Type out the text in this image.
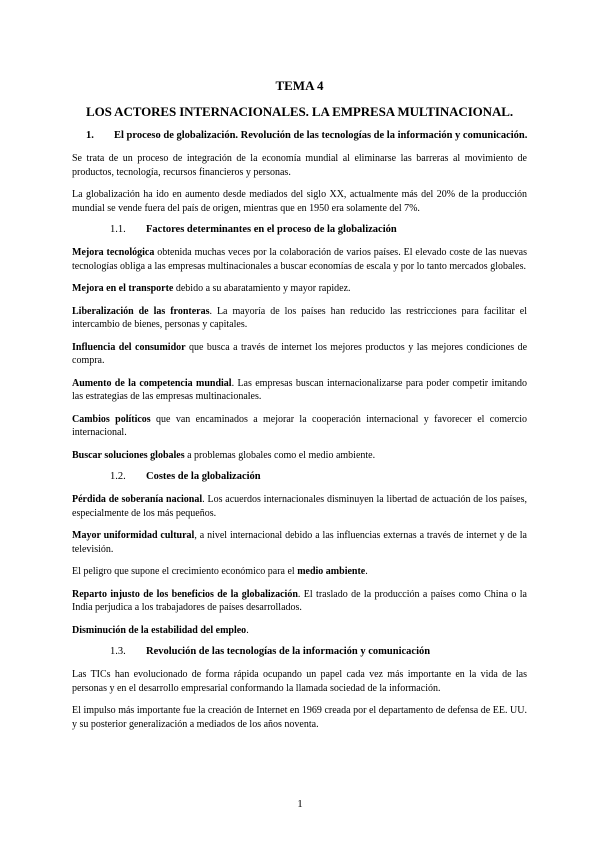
TEMA 4
LOS ACTORES INTERNACIONALES. LA EMPRESA MULTINACIONAL.
1.	El proceso de globalización. Revolución de las tecnologías de la información y comunicación.

Se trata de un proceso de integración de la economía mundial al eliminarse las barreras al movimiento de productos, tecnología, recursos financieros y personas.

La globalización ha ido en aumento desde mediados del siglo XX, actualmente más del 20% de la producción mundial se vende fuera del país de origen, mientras que en 1950 era solamente del 7%.

1.1.	Factores determinantes en el proceso de la globalización

Mejora tecnológica obtenida muchas veces por la colaboración de varios países. El elevado coste de las nuevas tecnologías obliga a las empresas multinacionales a buscar economías de escala y por lo tanto mercados globales.

Mejora en el transporte debido a su abaratamiento y mayor rapidez.

Liberalización de las fronteras. La mayoría de los países han reducido las restricciones para facilitar el intercambio de bienes, personas y capitales.

Influencia del consumidor que busca a través de internet los mejores productos y las mejores condiciones de compra.

Aumento de la competencia mundial. Las empresas buscan internacionalizarse para poder competir imitando las estrategias de las empresas multinacionales.

Cambios políticos que van encaminados a mejorar la cooperación internacional y favorecer el comercio internacional.

Buscar soluciones globales a problemas globales como el medio ambiente.

1.2.	Costes de la globalización

Pérdida de soberanía nacional. Los acuerdos internacionales disminuyen la libertad de actuación de los países, especialmente de los más pequeños.

Mayor uniformidad cultural, a nivel internacional debido a las influencias externas a través de internet y de la televisión.

El peligro que supone el crecimiento económico para el medio ambiente.

Reparto injusto de los beneficios de la globalización. El traslado de la producción a países como China o la India perjudica a los trabajadores de países desarrollados.

Disminución de la estabilidad del empleo.

1.3.	Revolución de las tecnologías de la información y comunicación

Las TICs han evolucionado de forma rápida ocupando un papel cada vez más importante en la vida de las personas y en el desarrollo empresarial conformando la llamada sociedad de la información.

El impulso más importante fue la creación de Internet en 1969 creada por el departamento de defensa de EE. UU. y su posterior generalización a mediados de los años noventa.

1
